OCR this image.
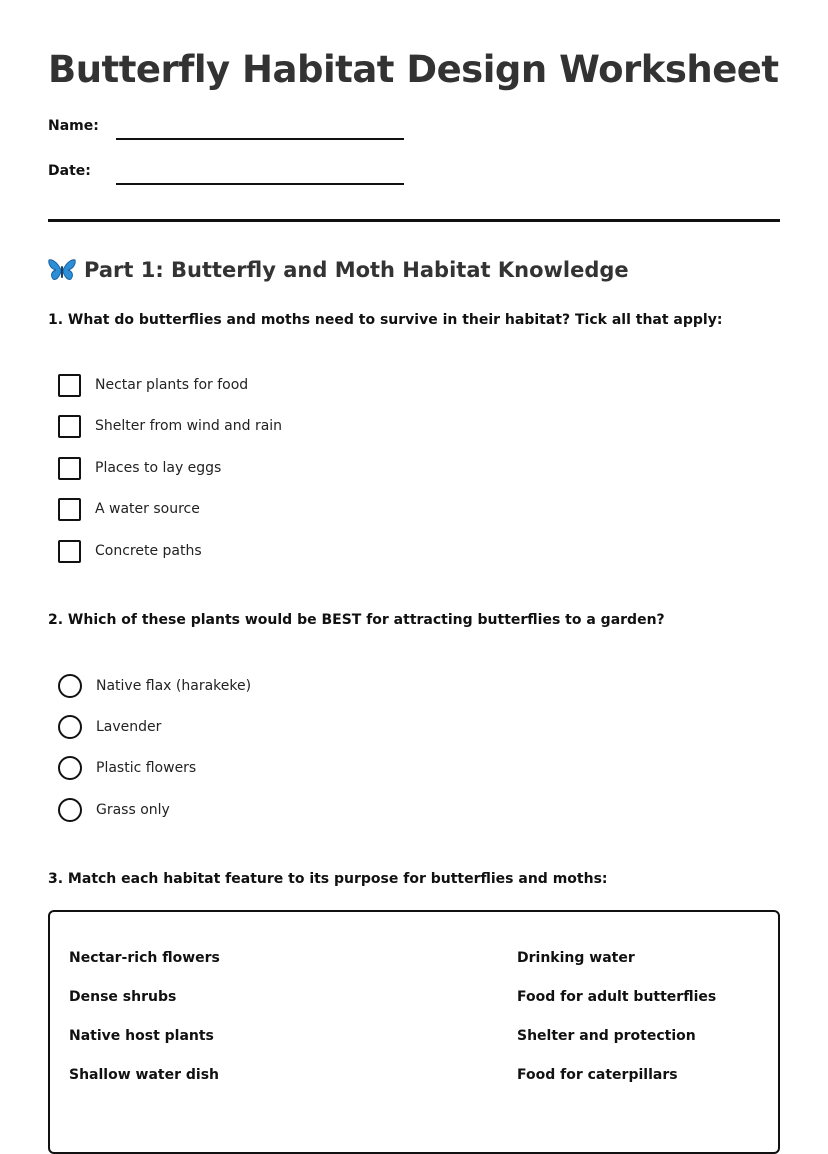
Butterfly Habitat Design Worksheet
Name:
Date:
Part 1: Butterfly and Moth Habitat Knowledge

1. What do butterflies and moths need to survive in their habitat? Tick all that apply:

Nectar plants for food
Shelter from wind and rain
Places to lay eggs
A water source
Concrete paths

2. Which of these plants would be BEST for attracting butterflies to a garden?

Native flax (harakeke)
Lavender
Plastic flowers
Grass only

3. Match each habitat feature to its purpose for butterflies and moths:

Nectar-rich flowers
Dense shrubs
Native host plants
Shallow water dish
Drinking water
Food for adult butterflies
Shelter and protection
Food for caterpillars
